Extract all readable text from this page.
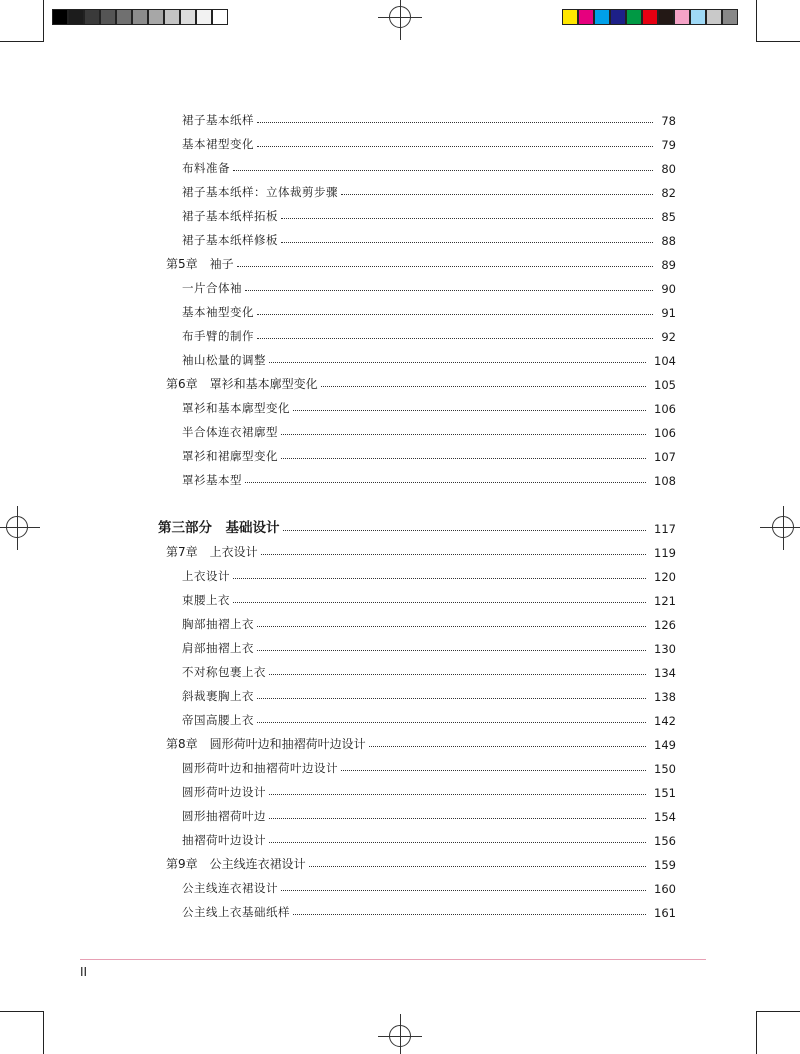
裙子基本纸样	78
基本裙型变化	79
布料准备	80
裙子基本纸样：立体裁剪步骤	82
裙子基本纸样拓板	85
裙子基本纸样修板	88
第5章　袖子	89
一片合体袖	90
基本袖型变化	91
布手臂的制作	92
袖山松量的调整	104
第6章　罩衫和基本廓型变化	105
罩衫和基本廓型变化	106
半合体连衣裙廓型	106
罩衫和裙廓型变化	107
罩衫基本型	108
第三部分　基础设计	117
第7章　上衣设计	119
上衣设计	120
束腰上衣	121
胸部抽褶上衣	126
肩部抽褶上衣	130
不对称包裹上衣	134
斜裁裹胸上衣	138
帝国高腰上衣	142
第8章　圆形荷叶边和抽褶荷叶边设计	149
圆形荷叶边和抽褶荷叶边设计	150
圆形荷叶边设计	151
圆形抽褶荷叶边	154
抽褶荷叶边设计	156
第9章　公主线连衣裙设计	159
公主线连衣裙设计	160
公主线上衣基础纸样	161
II
